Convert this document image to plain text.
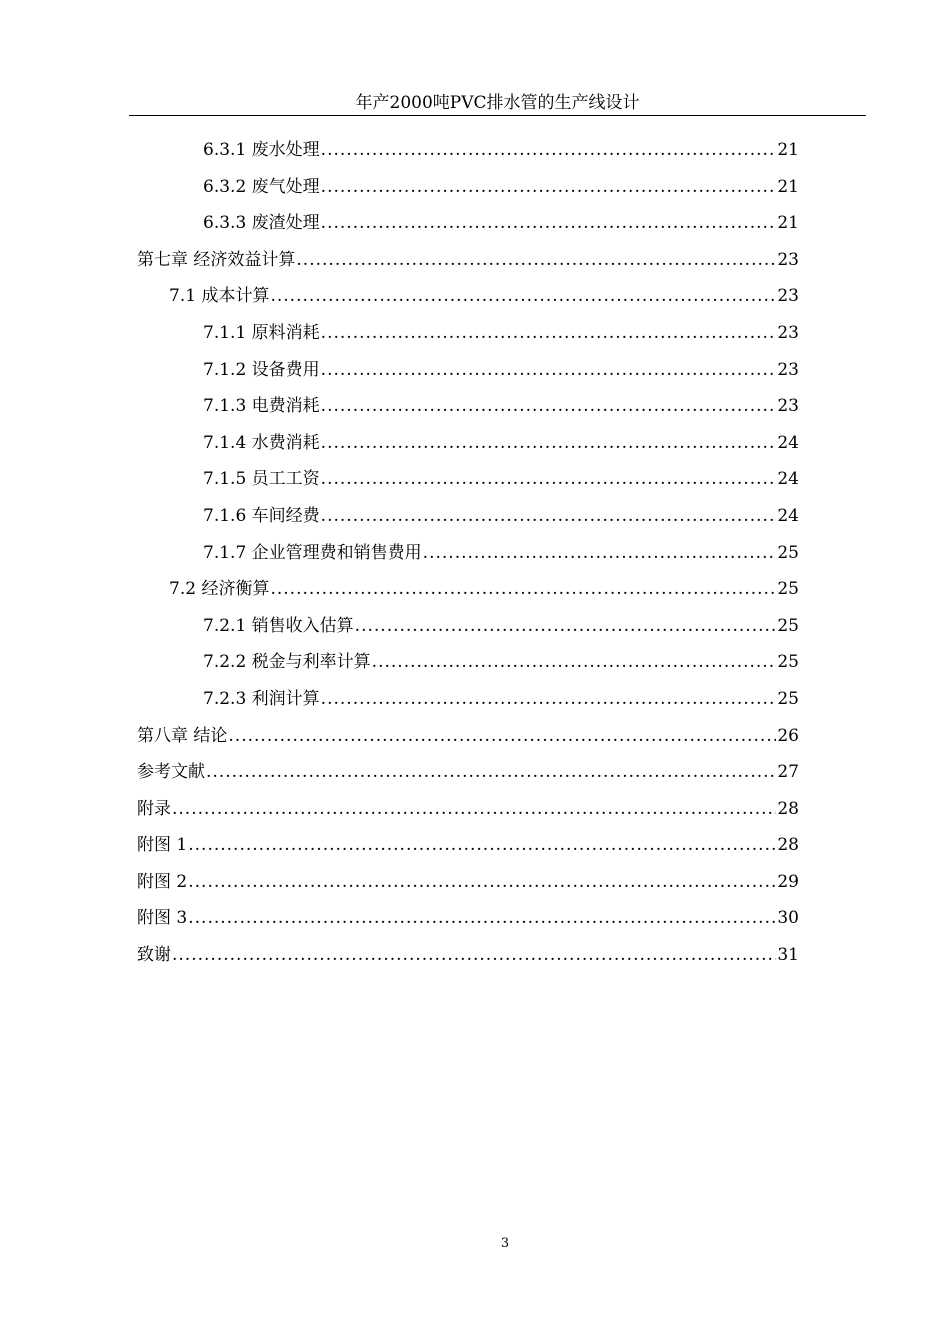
年产2000吨PVC排水管的生产线设计
6.3.1 废水处理 .....	21
6.3.2 废气处理 .....	21
6.3.3 废渣处理 .....	21
第七章 经济效益计算 .....	23
7.1 成本计算 .....	23
7.1.1 原料消耗 .....	23
7.1.2 设备费用 .....	23
7.1.3 电费消耗 .....	23
7.1.4 水费消耗 .....	24
7.1.5 员工工资 .....	24
7.1.6 车间经费 .....	24
7.1.7 企业管理费和销售费用 .....	25
7.2 经济衡算 .....	25
7.2.1 销售收入估算 .....	25
7.2.2 税金与利率计算 .....	25
7.2.3 利润计算 .....	25
第八章 结论 .....	26
参考文献 .....	27
附录 .....	28
附图 1 .....	28
附图 2 .....	29
附图 3 .....	30
致谢 .....	31
3
